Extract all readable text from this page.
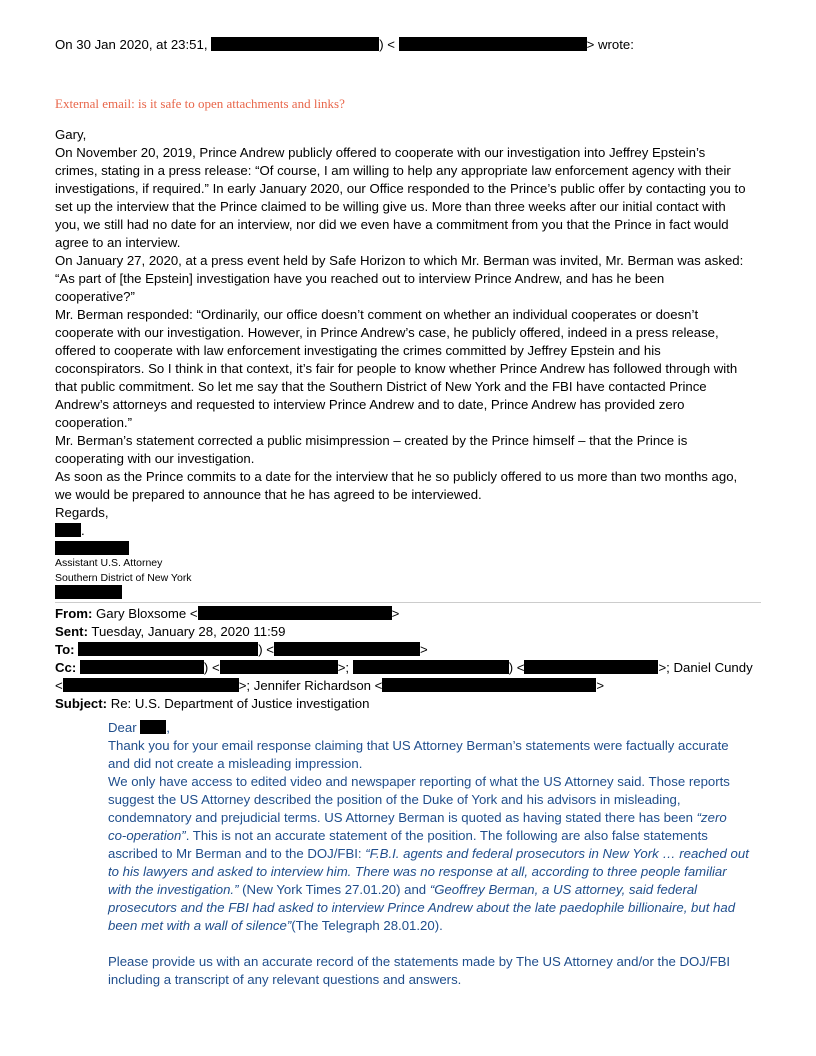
On 30 Jan 2020, at 23:51,	) <	> wrote:
External email: is it safe to open attachments and links?
Gary,
On November 20, 2019, Prince Andrew publicly offered to cooperate with our investigation into Jeffrey Epstein’s
crimes, stating in a press release: “Of course, I am willing to help any appropriate law enforcement agency with their
investigations, if required.” In early January 2020, our Office responded to the Prince’s public offer by contacting you to
set up the interview that the Prince claimed to be willing give us. More than three weeks after our initial contact with
you, we still had no date for an interview, nor did we even have a commitment from you that the Prince in fact would
agree to an interview.
On January 27, 2020, at a press event held by Safe Horizon to which Mr. Berman was invited, Mr. Berman was asked:
“As part of [the Epstein] investigation have you reached out to interview Prince Andrew, and has he been
cooperative?”
Mr. Berman responded: “Ordinarily, our office doesn’t comment on whether an individual cooperates or doesn’t
cooperate with our investigation. However, in Prince Andrew’s case, he publicly offered, indeed in a press release,
offered to cooperate with law enforcement investigating the crimes committed by Jeffrey Epstein and his
coconspirators. So I think in that context, it’s fair for people to know whether Prince Andrew has followed through with
that public commitment. So let me say that the Southern District of New York and the FBI have contacted Prince
Andrew’s attorneys and requested to interview Prince Andrew and to date, Prince Andrew has provided zero
cooperation.”
Mr. Berman’s statement corrected a public misimpression – created by the Prince himself – that the Prince is
cooperating with our investigation.
As soon as the Prince commits to a date for the interview that he so publicly offered to us more than two months ago,
we would be prepared to announce that he has agreed to be interviewed.
Regards,
.
Assistant U.S. Attorney
Southern District of New York
From: Gary Bloxsome <	>
Sent: Tuesday, January 28, 2020 11:59
To:	) <	>
Cc:	) <	>;	) <	>; Daniel Cundy
<	>; Jennifer Richardson <	>
Subject: Re: U.S. Department of Justice investigation
Dear ,
Thank you for your email response claiming that US Attorney Berman’s statements were factually accurate
and did not create a misleading impression.
We only have access to edited video and newspaper reporting of what the US Attorney said. Those reports
suggest the US Attorney described the position of the Duke of York and his advisors in misleading,
condemnatory and prejudicial terms. US Attorney Berman is quoted as having stated there has been “zero
co-operation”. This is not an accurate statement of the position. The following are also false statements
ascribed to Mr Berman and to the DOJ/FBI: “F.B.I. agents and federal prosecutors in New York … reached out
to his lawyers and asked to interview him. There was no response at all, according to three people familiar
with the investigation.” (New York Times 27.01.20) and “Geoffrey Berman, a US attorney, said federal
prosecutors and the FBI had asked to interview Prince Andrew about the late paedophile billionaire, but had
been met with a wall of silence”(The Telegraph 28.01.20).
Please provide us with an accurate record of the statements made by The US Attorney and/or the DOJ/FBI
including a transcript of any relevant questions and answers.
